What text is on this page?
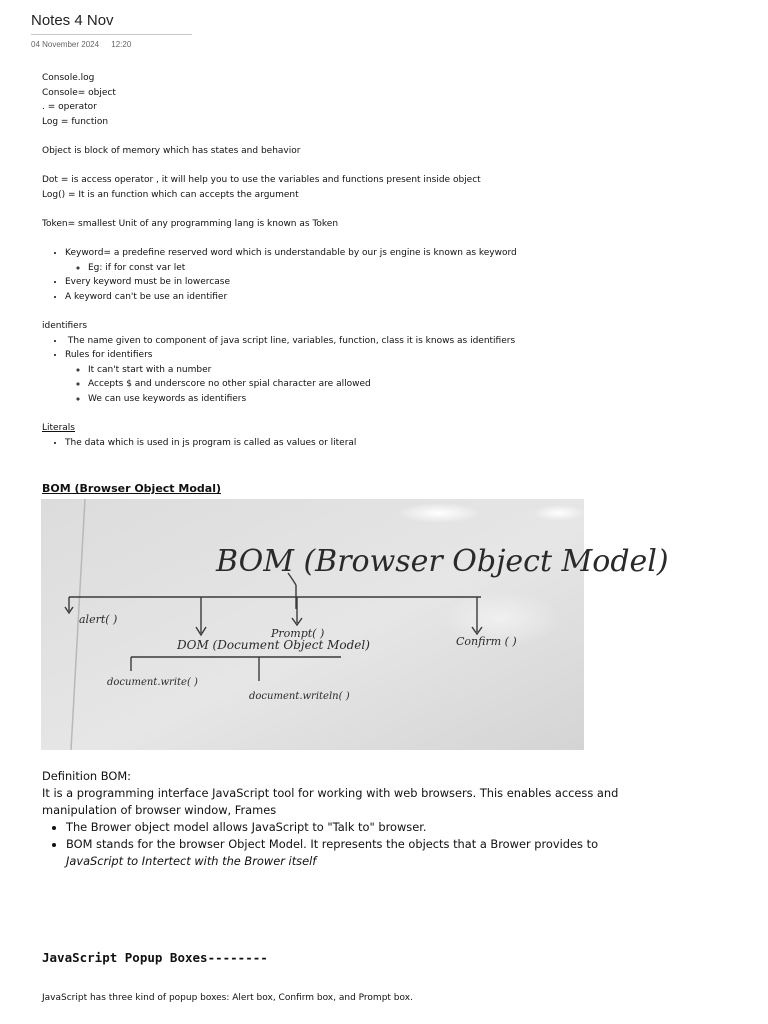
Notes 4 Nov
04 November 2024 12:20

Console.log

Console= object

. = operator

Log = function

Object is block of memory which has states and behavior

Dot = is access operator , it will help you to use the variables and functions present inside object

Log() = It is an function which can accepts the argument

Token= smallest Unit of any programming lang is known as Token

• Keyword= a predefine reserved word which is understandable by our js engine is known as keyword
◦ Eg: if for const var let
• Every keyword must be in lowercase
• A keyword can't be use an identifier

identifiers

• The name given to component of java script line, variables, function, class it is knows as identifiers
• Rules for identifiers
◦ It can't start with a number
◦ Accepts $ and underscore no other spial character are allowed
◦ We can use keywords as identifiers

Literals

• The data which is used in js program is called as values or literal
BOM (Browser Object Modal)
BOM (Browser Object Model)
alert( )
Prompt( )
Confirm ( )
DOM (Document Object Model)
document.write( )
document.writeln( )

Definition BOM:

It is a programming interface JavaScript tool for working with web browsers. This enables access and manipulation of browser window, Frames

• The Brower object model allows JavaScript to "Talk to" browser.
• BOM stands for the browser Object Model. It represents the objects that a Brower provides to JavaScript to Intertect with the Brower itself
JavaScript Popup Boxes--------
JavaScript has three kind of popup boxes: Alert box, Confirm box, and Prompt box.
